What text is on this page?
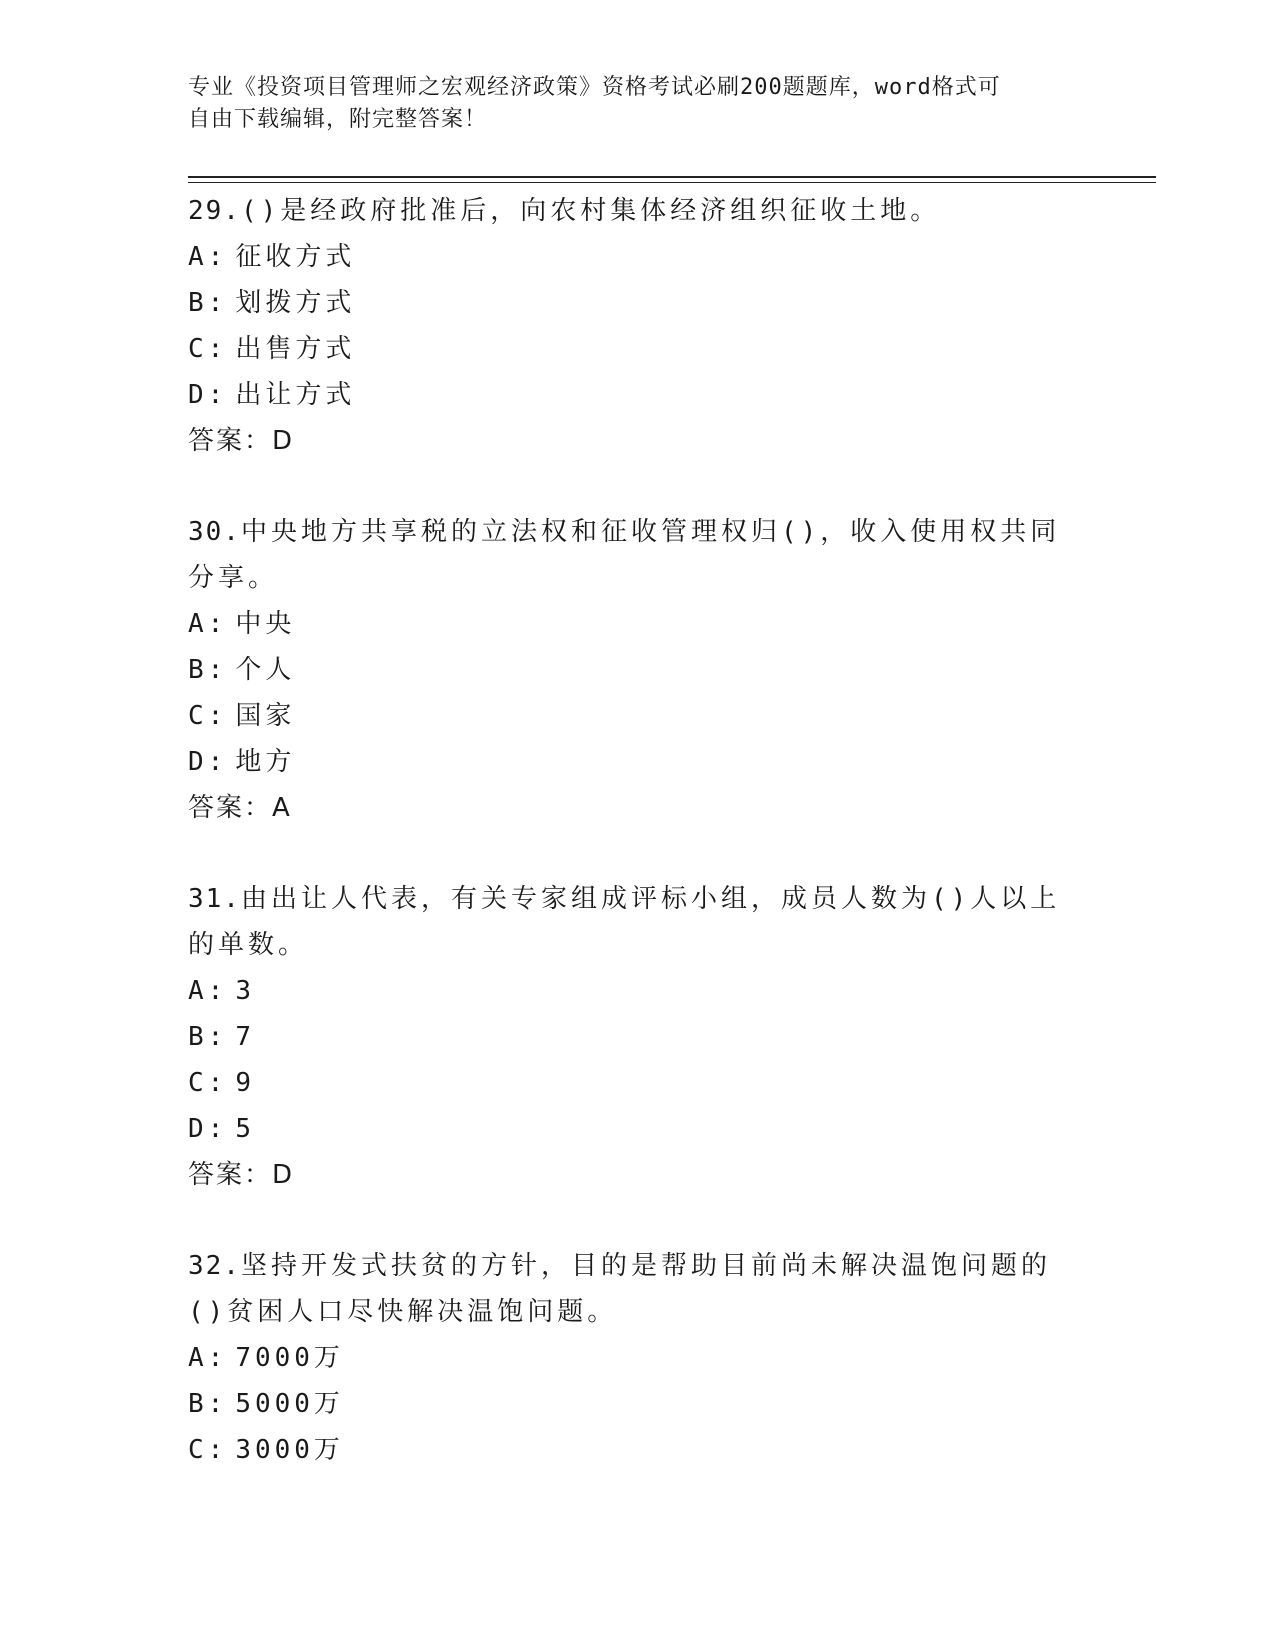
专业《投资项目管理师之宏观经济政策》资格考试必刷200题题库，word格式可
自由下载编辑，附完整答案！

29.()是经政府批准后，向农村集体经济组织征收土地。

A: 征收方式

B: 划拨方式

C: 出售方式

D: 出让方式

答案：D

30.中央地方共享税的立法权和征收管理权归()，收入使用权共同分享。

A: 中央

B: 个人

C: 国家

D: 地方

答案：A

31.由出让人代表，有关专家组成评标小组，成员人数为()人以上的单数。

A: 3

B: 7

C: 9

D: 5

答案：D

32.坚持开发式扶贫的方针，目的是帮助目前尚未解决温饱问题的()贫困人口尽快解决温饱问题。

A: 7000万

B: 5000万

C: 3000万
